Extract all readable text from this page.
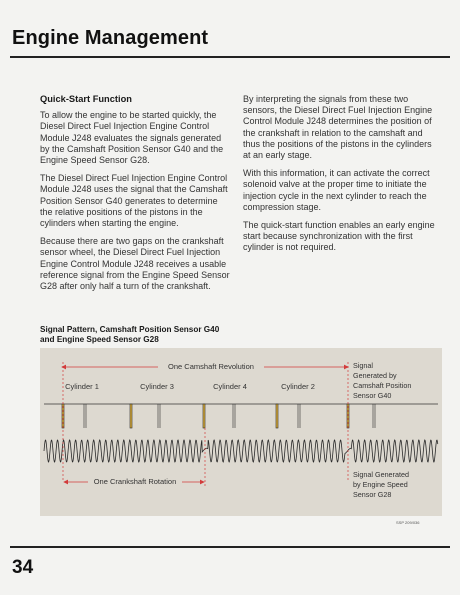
Engine Management
Quick-Start Function

To allow the engine to be started quickly, the Diesel Direct Fuel Injection Engine Control Module J248 evaluates the signals generated by the Camshaft Position Sensor G40 and the Engine Speed Sensor G28.

The Diesel Direct Fuel Injection Engine Control Module J248 uses the signal that the Camshaft Position Sensor G40 generates to determine the relative positions of the pistons in the cylinders when starting the engine.

Because there are two gaps on the crankshaft sensor wheel, the Diesel Direct Fuel Injection Engine Control Module J248 receives a usable reference signal from the Engine Speed Sensor G28 after only half a turn of the crankshaft.

By interpreting the signals from these two sensors, the Diesel Direct Fuel Injection Engine Control Module J248 determines the position of the crankshaft in relation to the camshaft and thus the positions of the pistons in the cylinders at an early stage.

With this information, it can activate the correct solenoid valve at the proper time to initiate the injection cycle in the next cylinder to reach the compression stage.

The quick-start function enables an early engine start because synchronization with the first cylinder is not required.

Signal Pattern, Camshaft Position Sensor G40
and Engine Speed Sensor G28
One Camshaft Revolution
Cylinder 1	Cylinder 3	Cylinder 4	Cylinder 2
Signal Generated by Camshaft Position Sensor G40
One Crankshaft Rotation
Signal Generated by Engine Speed Sensor G28
SSP 209/036
34
